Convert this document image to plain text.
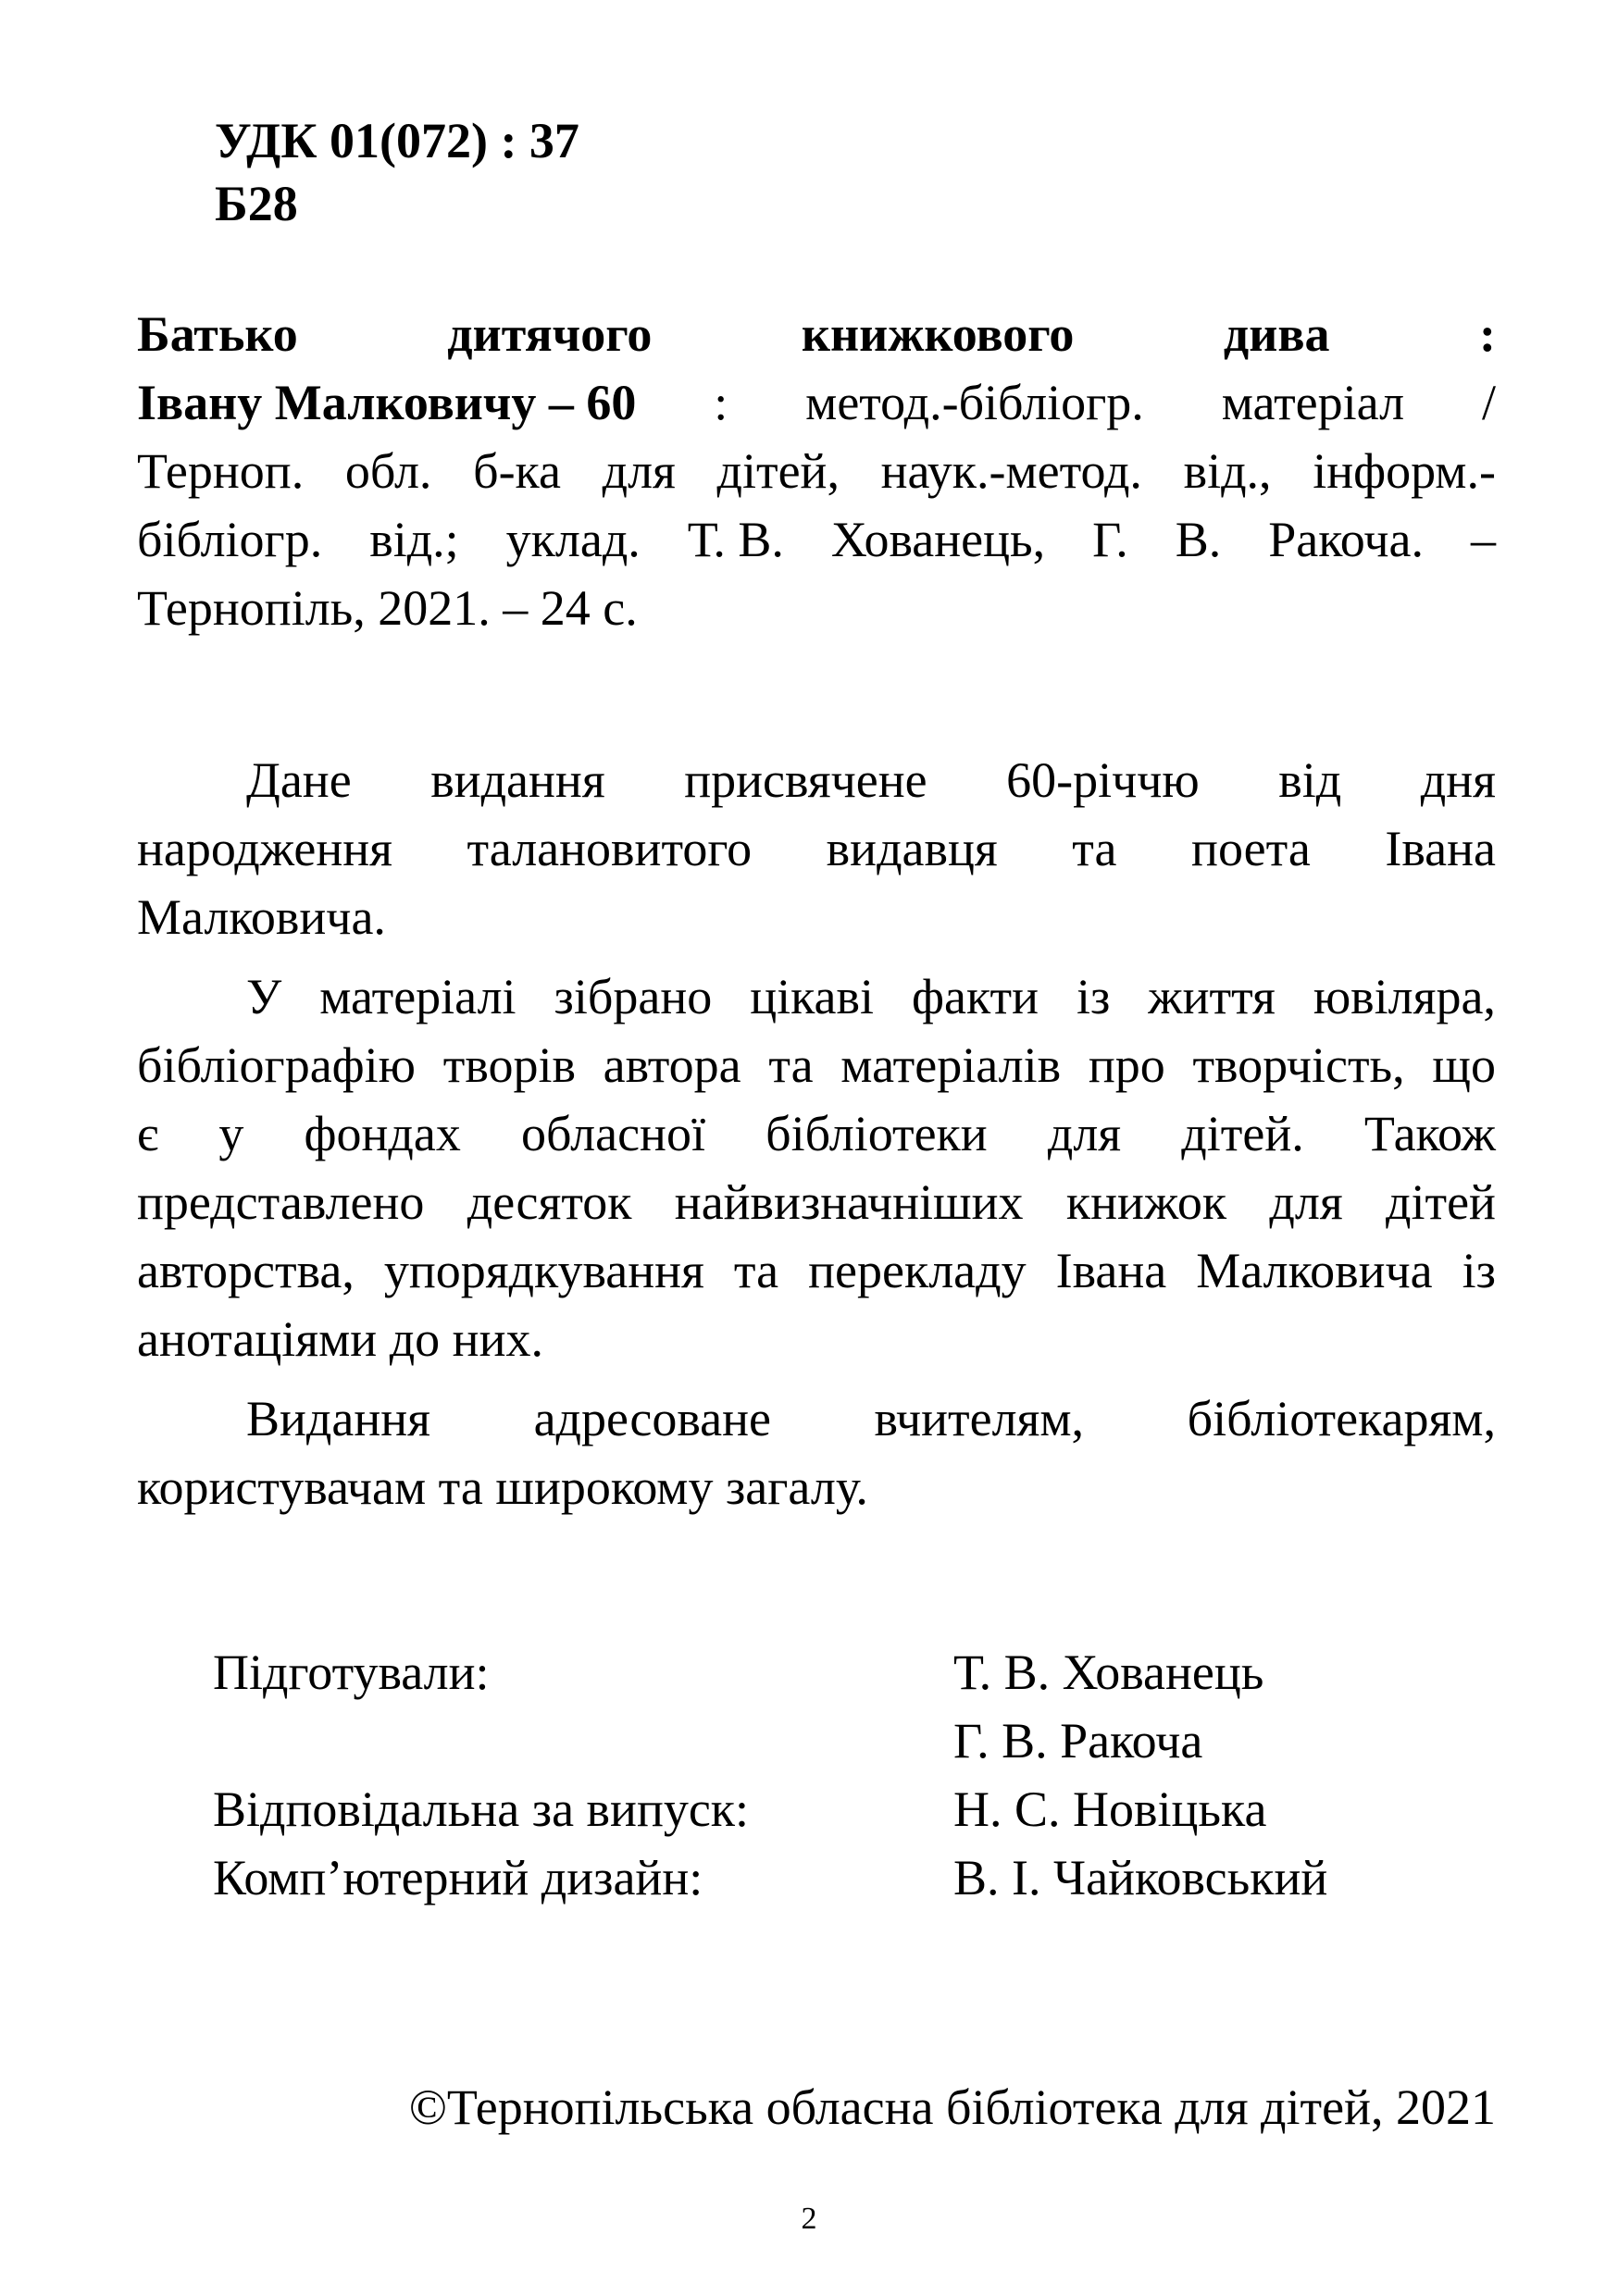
УДК 01(072) : 37
Б28
Батько	дитячого	книжкового	дива	:
Івану Малковичу – 60 : метод.-бібліогр. матеріал /
Терноп. обл. б-ка для дітей, наук.-метод. від., інформ.-
бібліогр. від.; уклад. Т. В. Хованець, Г. В. Ракоча. –
Тернопіль, 2021. – 24 с.
Дане видання присвячене 60-річчю від дня
народження талановитого видавця та поета Івана
Малковича.
У матеріалі зібрано цікаві факти із життя ювіляра,
бібліографію творів автора та матеріалів про творчість, що
є у фондах обласної бібліотеки для дітей. Також
представлено десяток найвизначніших книжок для дітей
авторства, упорядкування та перекладу Івана Малковича із
анотаціями до них.
Видання адресоване вчителям, бібліотекарям,
користувачам та широкому загалу.
Підготували:	Т. В. Хованець
Г. В. Ракоча
Відповідальна за випуск:	Н. С. Новіцька
Комп’ютерний дизайн:	В. І. Чайковський
©Тернопільська обласна бібліотека для дітей, 2021
2
